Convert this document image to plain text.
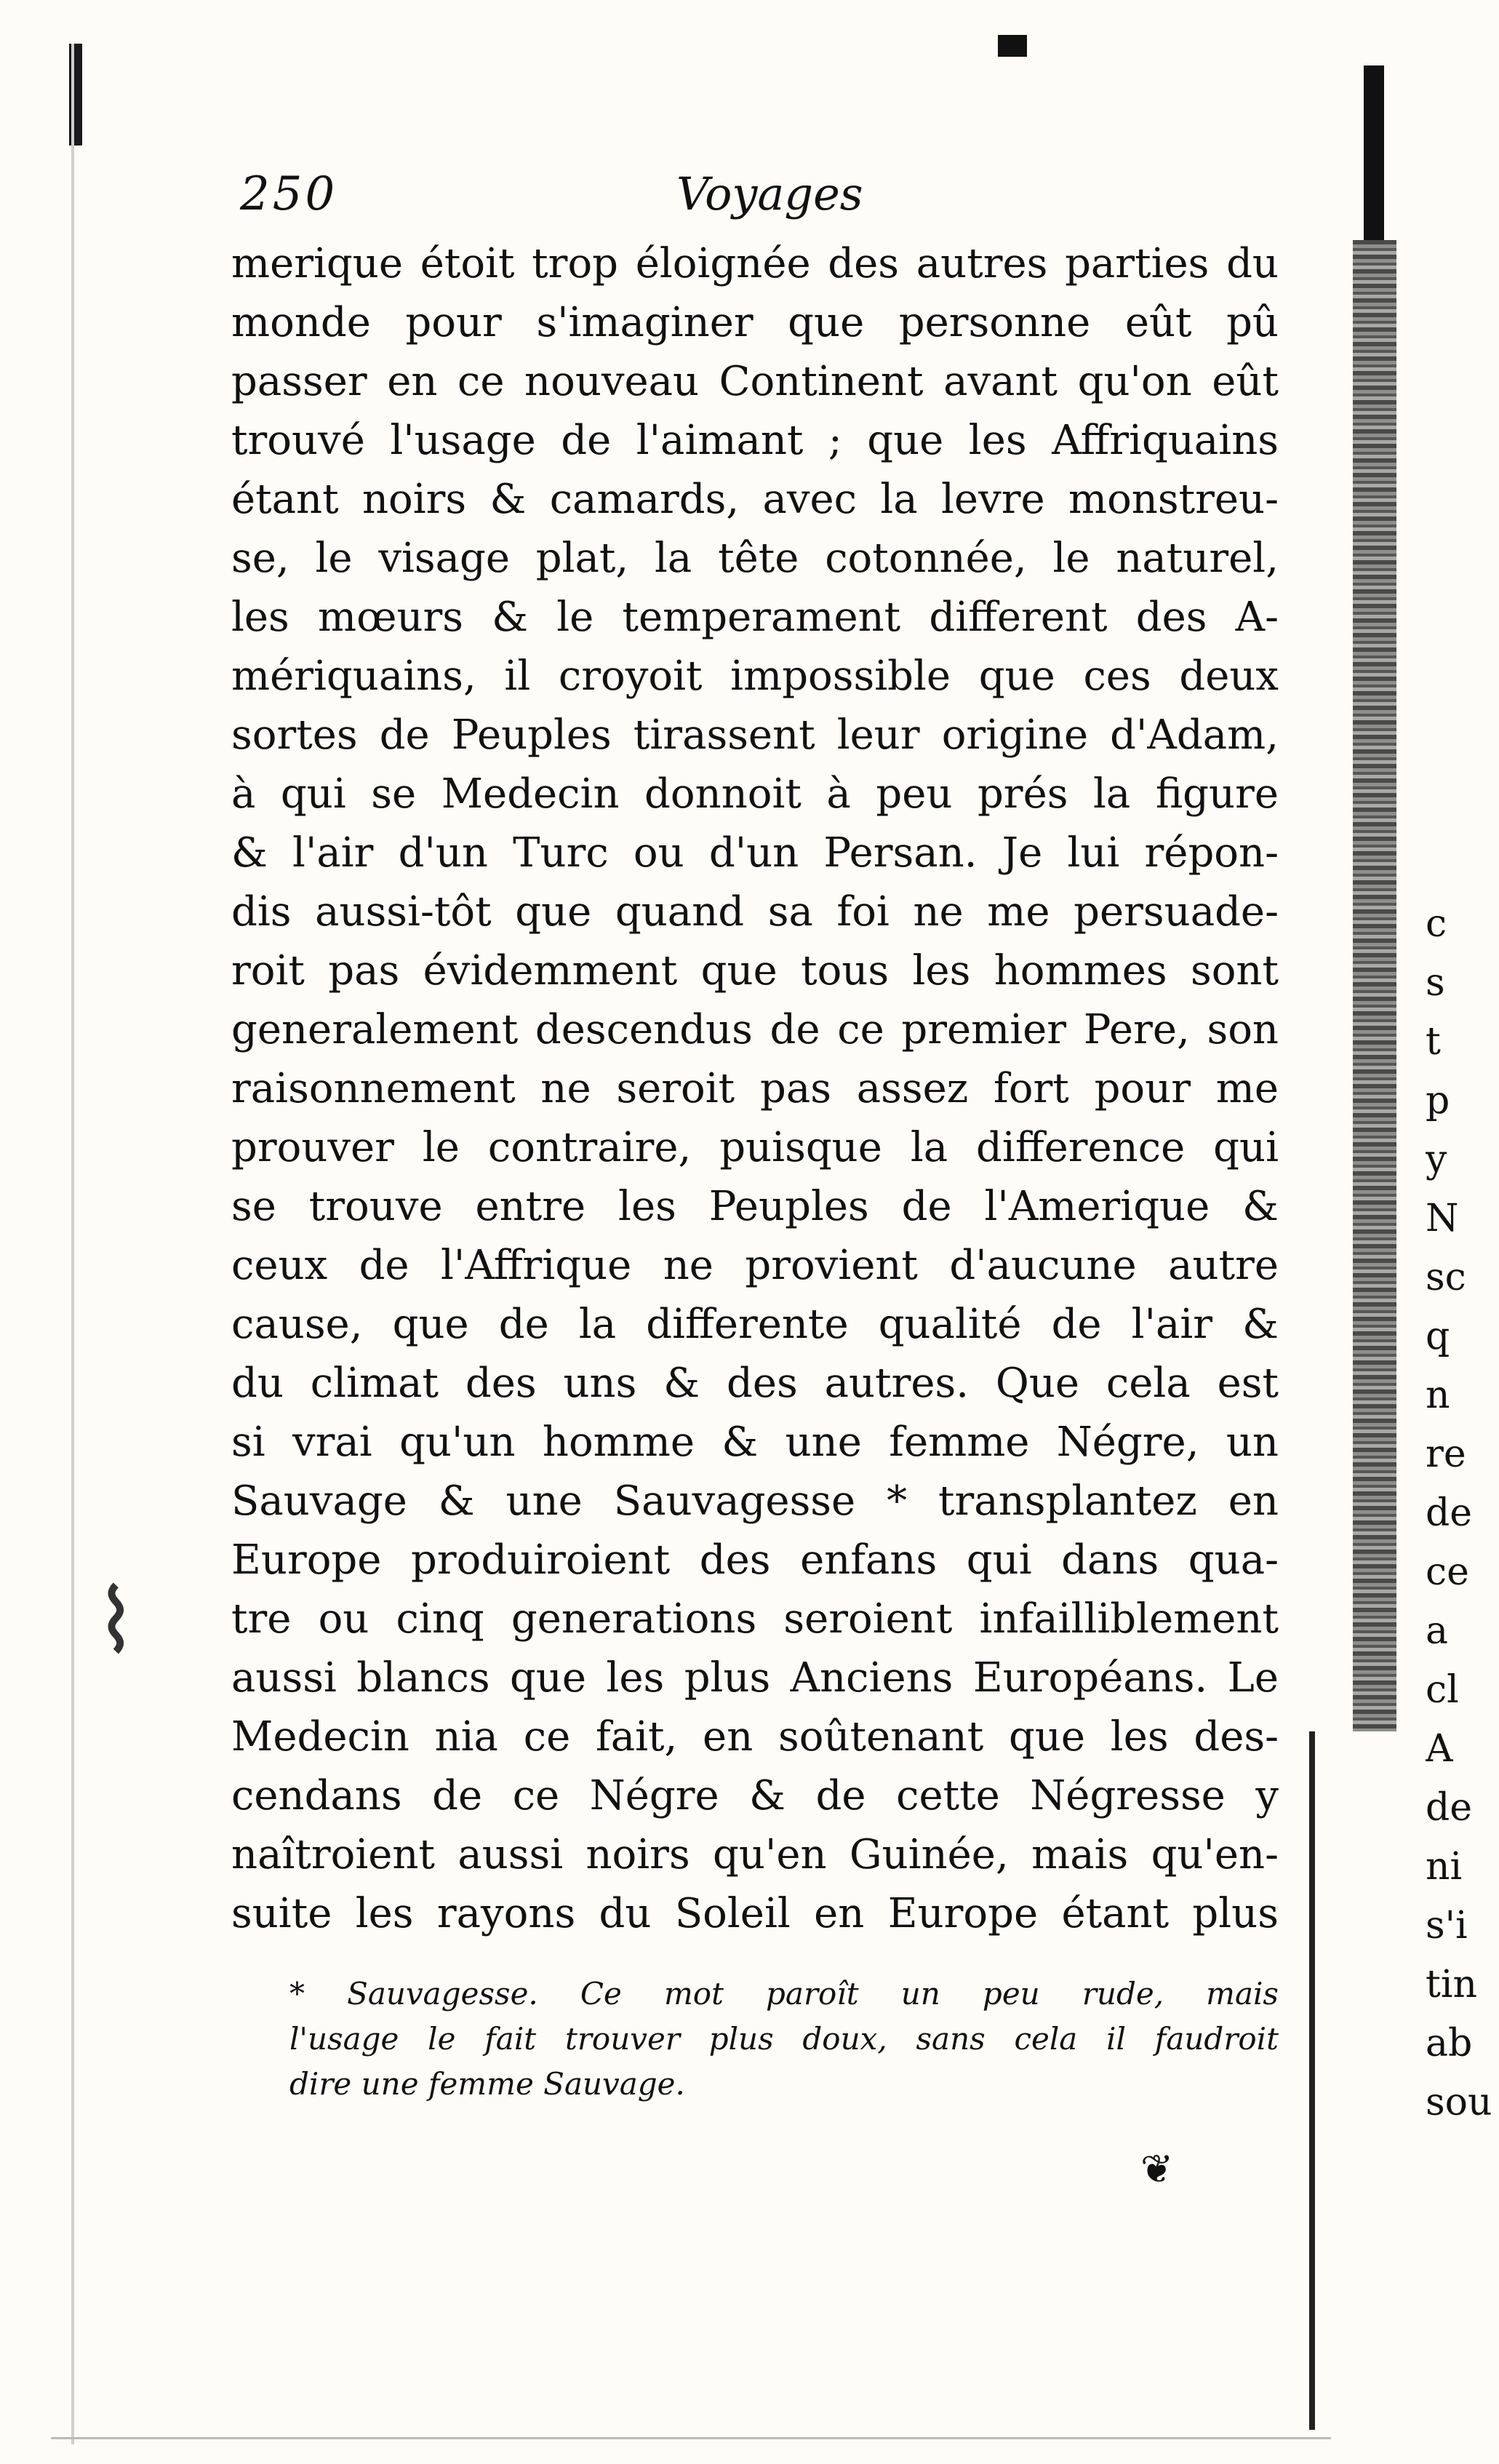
⌇
250	Voyages
merique étoit trop éloignée des autres parties du
monde pour s'imaginer que personne eût pû
passer en ce nouveau Continent avant qu'on eût
trouvé l'usage de l'aimant ; que les Affriquains
étant noirs & camards, avec la levre monstreu-
se, le visage plat, la tête cotonnée, le naturel,
les mœurs & le temperament different des A-
mériquains, il croyoit impossible que ces deux
sortes de Peuples tirassent leur origine d'Adam,
à qui se Medecin donnoit à peu prés la figure
& l'air d'un Turc ou d'un Persan. Je lui répon-
dis aussi-tôt que quand sa foi ne me persuade-
roit pas évidemment que tous les hommes sont
generalement descendus de ce premier Pere, son
raisonnement ne seroit pas assez fort pour me
prouver le contraire, puisque la difference qui
se trouve entre les Peuples de l'Amerique &
ceux de l'Affrique ne provient d'aucune autre
cause, que de la differente qualité de l'air &
du climat des uns & des autres. Que cela est
si vrai qu'un homme & une femme Négre, un
Sauvage & une Sauvagesse * transplantez en
Europe produiroient des enfans qui dans qua-
tre ou cinq generations seroient infailliblement
aussi blancs que les plus Anciens Européans. Le
Medecin nia ce fait, en soûtenant que les des-
cendans de ce Négre & de cette Négresse y
naîtroient aussi noirs qu'en Guinée, mais qu'en-
suite les rayons du Soleil en Europe étant plus
* Sauvagesse. Ce mot paroît un peu rude, mais
l'usage le fait trouver plus doux, sans cela il faudroit
dire une femme Sauvage.
❦
c
s
t
p
y
N
sc
q
n
re
de
ce
a
cl
A
de
ni
s'i
tin
ab
sou
